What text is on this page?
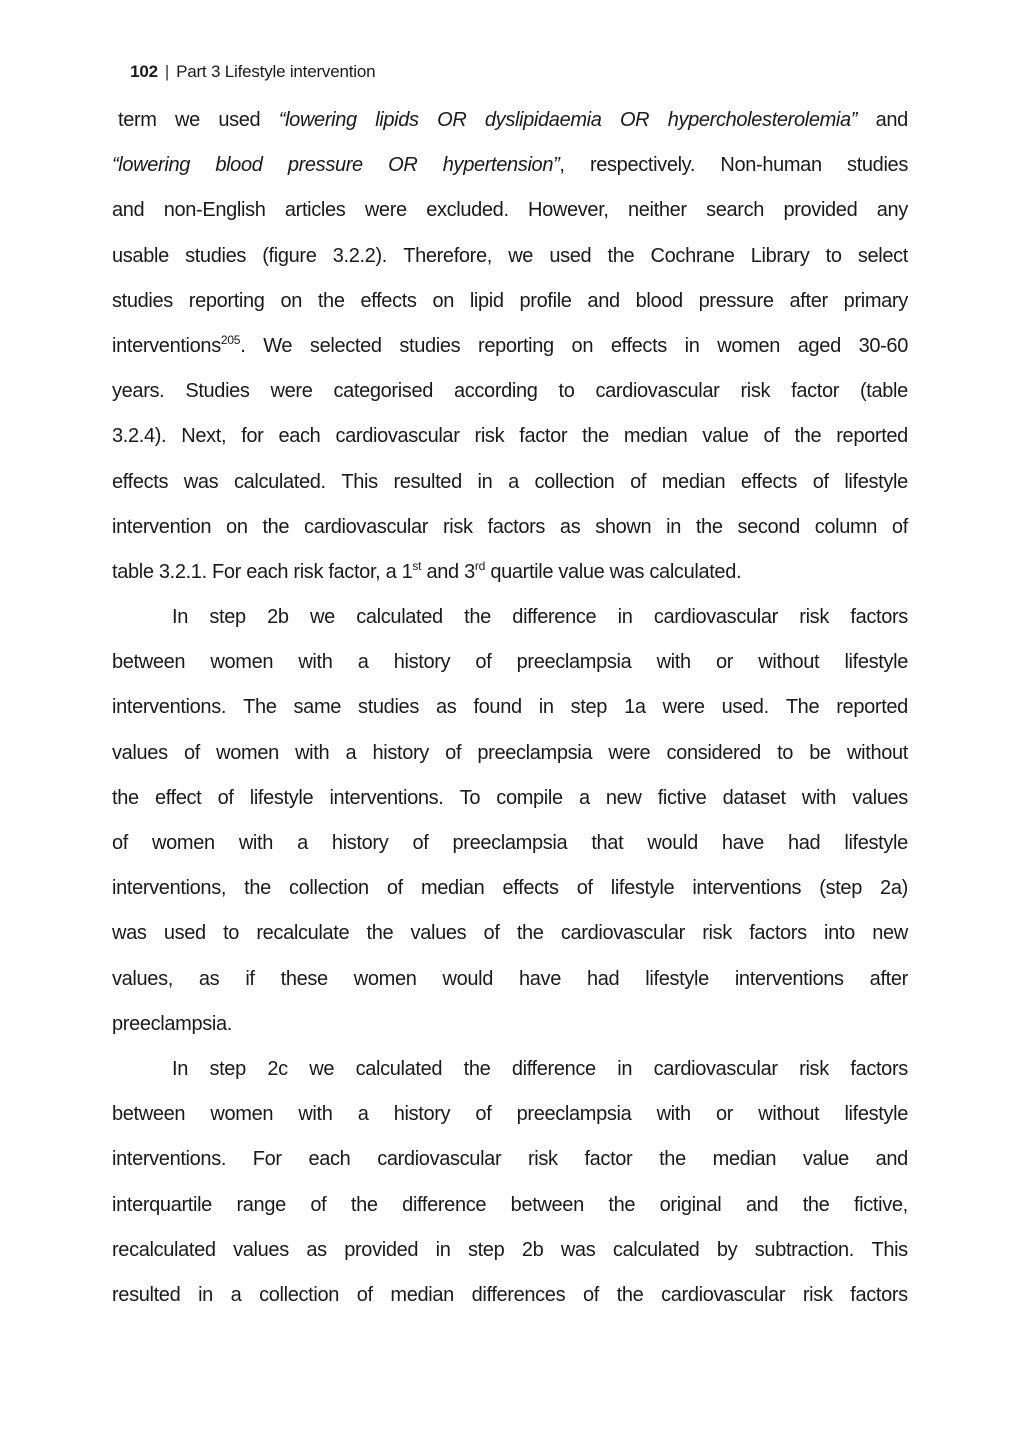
102 | Part 3 Lifestyle intervention

term we used “lowering lipids OR dyslipidaemia OR hypercholesterolemia” and
“lowering blood pressure OR hypertension”, respectively. Non-human studies
and non-English articles were excluded. However, neither search provided any
usable studies (figure 3.2.2). Therefore, we used the Cochrane Library to select
studies reporting on the effects on lipid profile and blood pressure after primary
interventions$^{205}$. We selected studies reporting on effects in women aged 30-60
years. Studies were categorised according to cardiovascular risk factor (table
3.2.4). Next, for each cardiovascular risk factor the median value of the reported
effects was calculated. This resulted in a collection of median effects of lifestyle
intervention on the cardiovascular risk factors as shown in the second column of
table 3.2.1. For each risk factor, a 1st and 3rd quartile value was calculated.
In step 2b we calculated the difference in cardiovascular risk factors
between women with a history of preeclampsia with or without lifestyle
interventions. The same studies as found in step 1a were used. The reported
values of women with a history of preeclampsia were considered to be without
the effect of lifestyle interventions. To compile a new fictive dataset with values
of women with a history of preeclampsia that would have had lifestyle
interventions, the collection of median effects of lifestyle interventions (step 2a)
was used to recalculate the values of the cardiovascular risk factors into new
values, as if these women would have had lifestyle interventions after
preeclampsia.
In step 2c we calculated the difference in cardiovascular risk factors
between women with a history of preeclampsia with or without lifestyle
interventions. For each cardiovascular risk factor the median value and
interquartile range of the difference between the original and the fictive,
recalculated values as provided in step 2b was calculated by subtraction. This
resulted in a collection of median differences of the cardiovascular risk factors
